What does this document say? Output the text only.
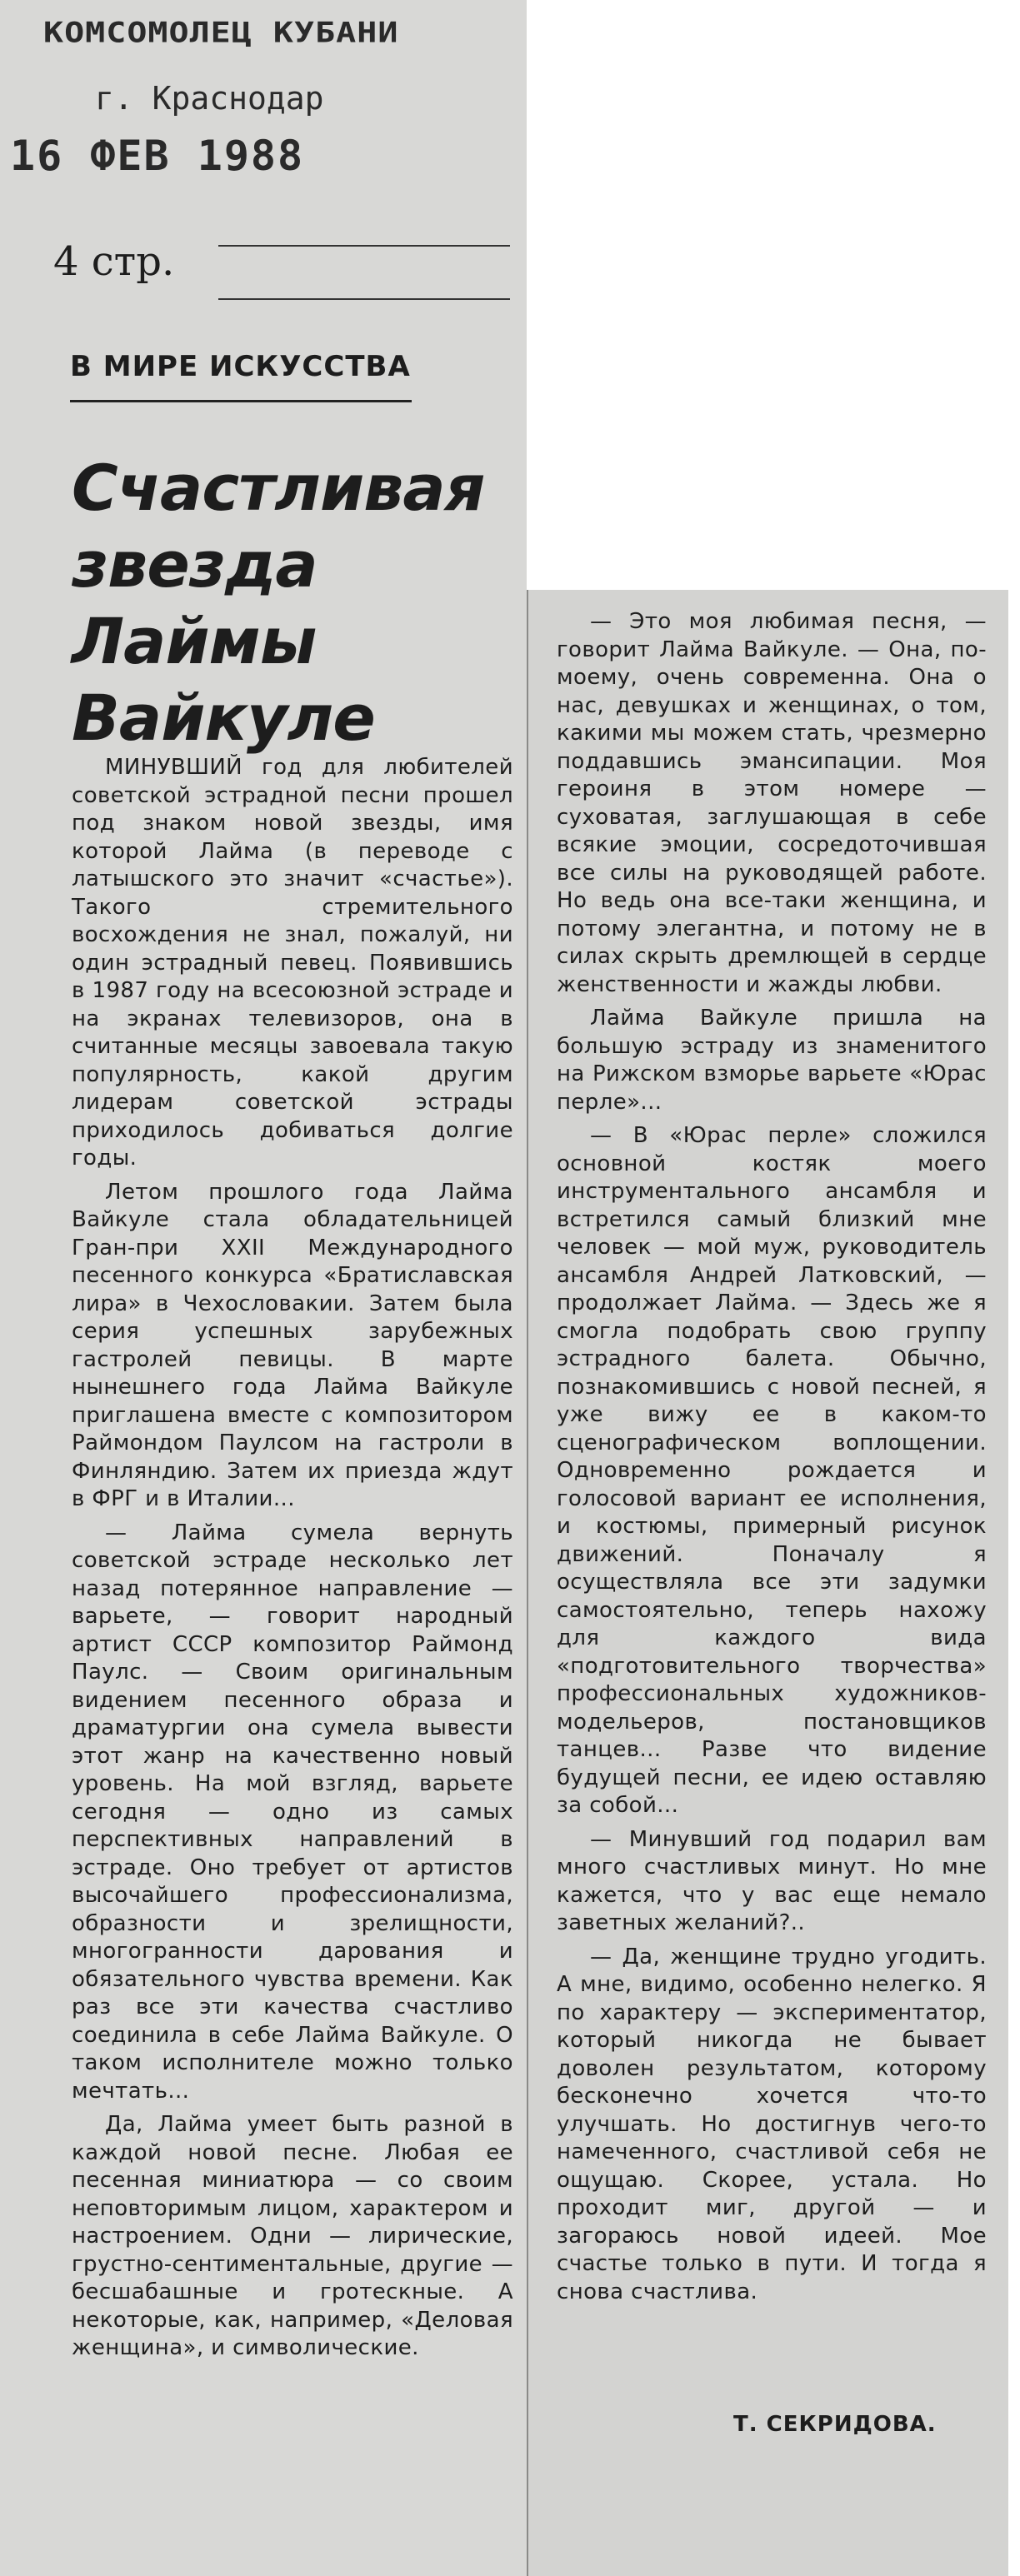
КОМСОМОЛЕЦ КУБАНИ
г. Краснодар
16 ФЕВ 1988
4 стр.
В МИРЕ ИСКУССТВА
Счастливая
звезда
Лаймы
Вайкуле

МИНУВШИЙ год для любителей советской эстрадной песни прошел под знаком новой звезды, имя которой Лайма (в переводе с латышского это значит «счастье»). Такого стремительного восхождения не знал, пожалуй, ни один эстрадный певец. Появившись в 1987 году на всесоюзной эстраде и на экранах телевизоров, она в считанные месяцы завоевала такую популярность, какой другим лидерам советской эстрады приходилось добиваться долгие годы.

Летом прошлого года Лайма Вайкуле стала обладательницей Гран-при XXII Международного песенного конкурса «Братиславская лира» в Чехословакии. Затем была серия успешных зарубежных гастролей певицы. В марте нынешнего года Лайма Вайкуле приглашена вместе с композитором Раймондом Паулсом на гастроли в Финляндию. Затем их приезда ждут в ФРГ и в Италии...

— Лайма сумела вернуть советской эстраде несколько лет назад потерянное направление — варьете, — говорит народный артист СССР композитор Раймонд Паулс. — Своим оригинальным видением песенного образа и драматургии она сумела вывести этот жанр на качественно новый уровень. На мой взгляд, варьете сегодня — одно из самых перспективных направлений в эстраде. Оно требует от артистов высочайшего профессионализма, образности и зрелищности, многогранности дарования и обязательного чувства времени. Как раз все эти качества счастливо соединила в себе Лайма Вайкуле. О таком исполнителе можно только мечтать...

Да, Лайма умеет быть разной в каждой новой песне. Любая ее песенная миниатюра — со своим неповторимым лицом, характером и настроением. Одни — лирические, грустно-сентиментальные, другие — бесшабашные и гротескные. А некоторые, как, например, «Деловая женщина», и символические.

— Это моя любимая песня, — говорит Лайма Вайкуле. — Она, по-моему, очень современна. Она о нас, девушках и женщинах, о том, какими мы можем стать, чрезмерно поддавшись эмансипации. Моя героиня в этом номере — суховатая, заглушающая в себе всякие эмоции, сосредоточившая все силы на руководящей работе. Но ведь она все-таки женщина, и потому элегантна, и потому не в силах скрыть дремлющей в сердце женственности и жажды любви.

Лайма Вайкуле пришла на большую эстраду из знаменитого на Рижском взморье варьете «Юрас перле»...

— В «Юрас перле» сложился основной костяк моего инструментального ансамбля и встретился самый близкий мне человек — мой муж, руководитель ансамбля Андрей Латковский, — продолжает Лайма. — Здесь же я смогла подобрать свою группу эстрадного балета. Обычно, познакомившись с новой песней, я уже вижу ее в каком-то сценографическом воплощении. Одновременно рождается и голосовой вариант ее исполнения, и костюмы, примерный рисунок движений. Поначалу я осуществляла все эти задумки самостоятельно, теперь нахожу для каждого вида «подготовительного творчества» профессиональных художников-модельеров, постановщиков танцев... Разве что видение будущей песни, ее идею оставляю за собой...

— Минувший год подарил вам много счастливых минут. Но мне кажется, что у вас еще немало заветных желаний?..

— Да, женщине трудно угодить. А мне, видимо, особенно нелегко. Я по характеру — экспериментатор, который никогда не бывает доволен результатом, которому бесконечно хочется что-то улучшать. Но достигнув чего-то намеченного, счастливой себя не ощущаю. Скорее, устала. Но проходит миг, другой — и загораюсь новой идеей. Мое счастье только в пути. И тогда я снова счастлива.

Т. СЕКРИДОВА.
